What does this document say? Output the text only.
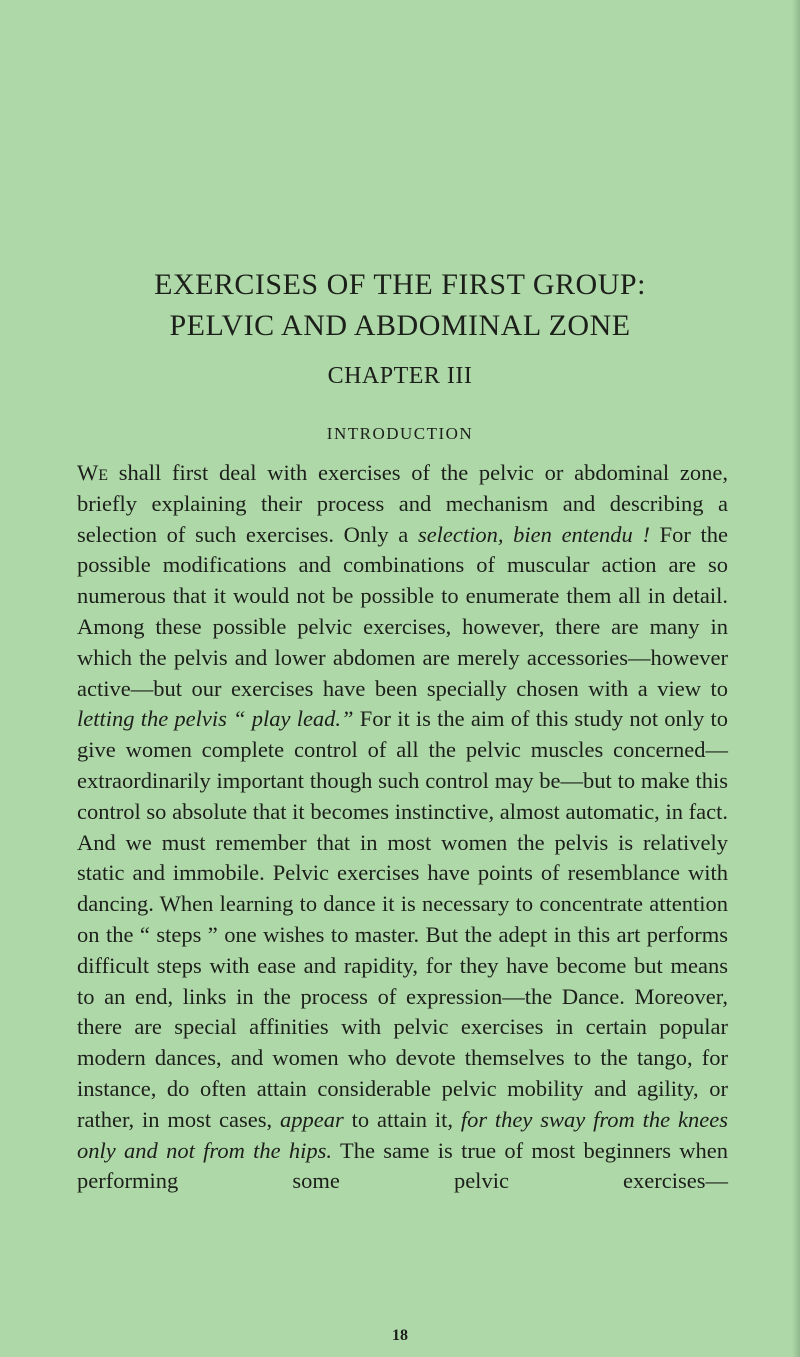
EXERCISES OF THE FIRST GROUP:
PELVIC AND ABDOMINAL ZONE
CHAPTER III
INTRODUCTION

We shall first deal with exercises of the pelvic or abdominal zone, briefly explaining their process and mechanism and describing a selection of such exercises. Only a selection, bien entendu ! For the possible modifications and combinations of muscular action are so numerous that it would not be possible to enumerate them all in detail. Among these possible pelvic exercises, however, there are many in which the pelvis and lower abdomen are merely accessories—however active—but our exercises have been specially chosen with a view to letting the pelvis “ play lead.” For it is the aim of this study not only to give women complete control of all the pelvic muscles concerned—extraordinarily important though such control may be—but to make this control so absolute that it becomes instinctive, almost automatic, in fact. And we must remember that in most women the pelvis is relatively static and immobile. Pelvic exercises have points of resemblance with dancing. When learning to dance it is necessary to concentrate attention on the “ steps ” one wishes to master. But the adept in this art performs difficult steps with ease and rapidity, for they have become but means to an end, links in the process of expression—the Dance. Moreover, there are special affinities with pelvic exercises in certain popular modern dances, and women who devote themselves to the tango, for instance, do often attain considerable pelvic mobility and agility, or rather, in most cases, appear to attain it, for they sway from the knees only and not from the hips. The same is true of most beginners when performing some pelvic exercises—

18
